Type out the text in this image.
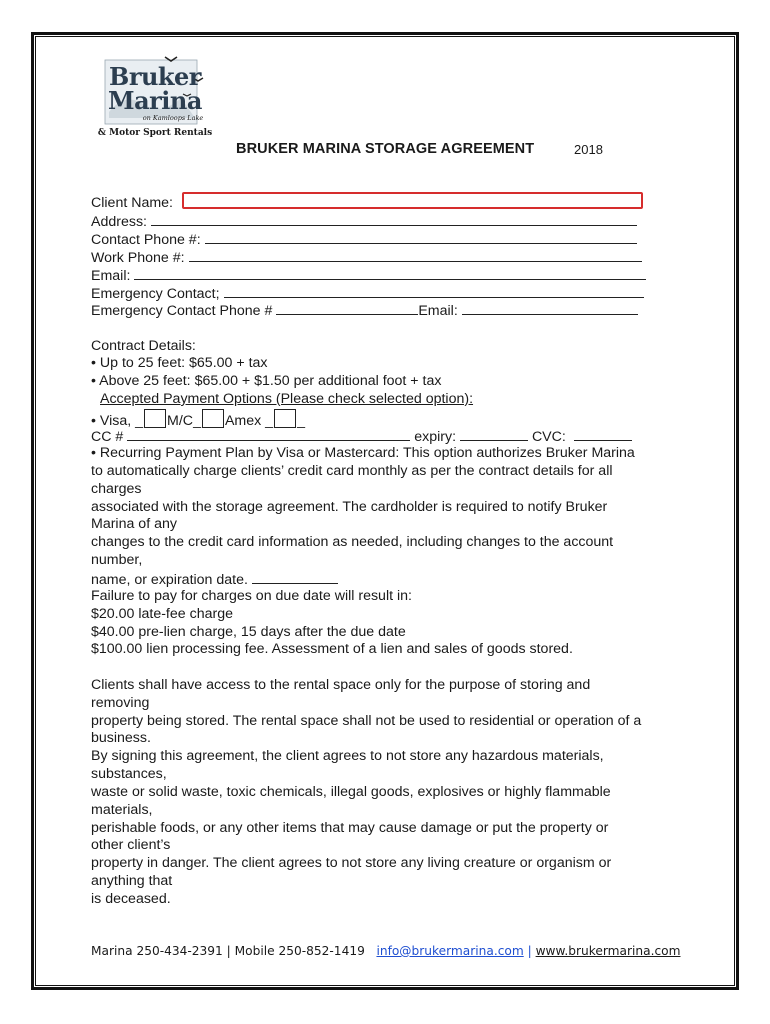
Bruker
Marina
on Kamloops Lake
& Motor Sport Rentals
BRUKER MARINA STORAGE AGREEMENT	2018
Client Name:
Address:
Contact Phone #:
Work Phone #:
Email:
Emergency Contact;
Emergency Contact Phone #	Email:
Contract Details:
• Up to 25 feet: $65.00 + tax
• Above 25 feet: $65.00 + $1.50 per additional foot + tax
Accepted Payment Options (Please check selected option):
• Visa, _ M/C_ Amex _ _
CC #	expiry:	CVC:
• Recurring Payment Plan by Visa or Mastercard: This option authorizes Bruker Marina
to automatically charge clients’ credit card monthly as per the contract details for all
charges
associated with the storage agreement. The cardholder is required to notify Bruker
Marina of any
changes to the credit card information as needed, including changes to the account
number,
name, or expiration date.
Failure to pay for charges on due date will result in:
$20.00 late-fee charge
$40.00 pre-lien charge, 15 days after the due date
$100.00 lien processing fee. Assessment of a lien and sales of goods stored.
Clients shall have access to the rental space only for the purpose of storing and
removing
property being stored. The rental space shall not be used to residential or operation of a
business.
By signing this agreement, the client agrees to not store any hazardous materials,
substances,
waste or solid waste, toxic chemicals, illegal goods, explosives or highly flammable
materials,
perishable foods, or any other items that may cause damage or put the property or
other client’s
property in danger. The client agrees to not store any living creature or organism or
anything that
is deceased.
Marina 250-434-2391 | Mobile 250-852-1419 info@brukermarina.com | www.brukermarina.com
